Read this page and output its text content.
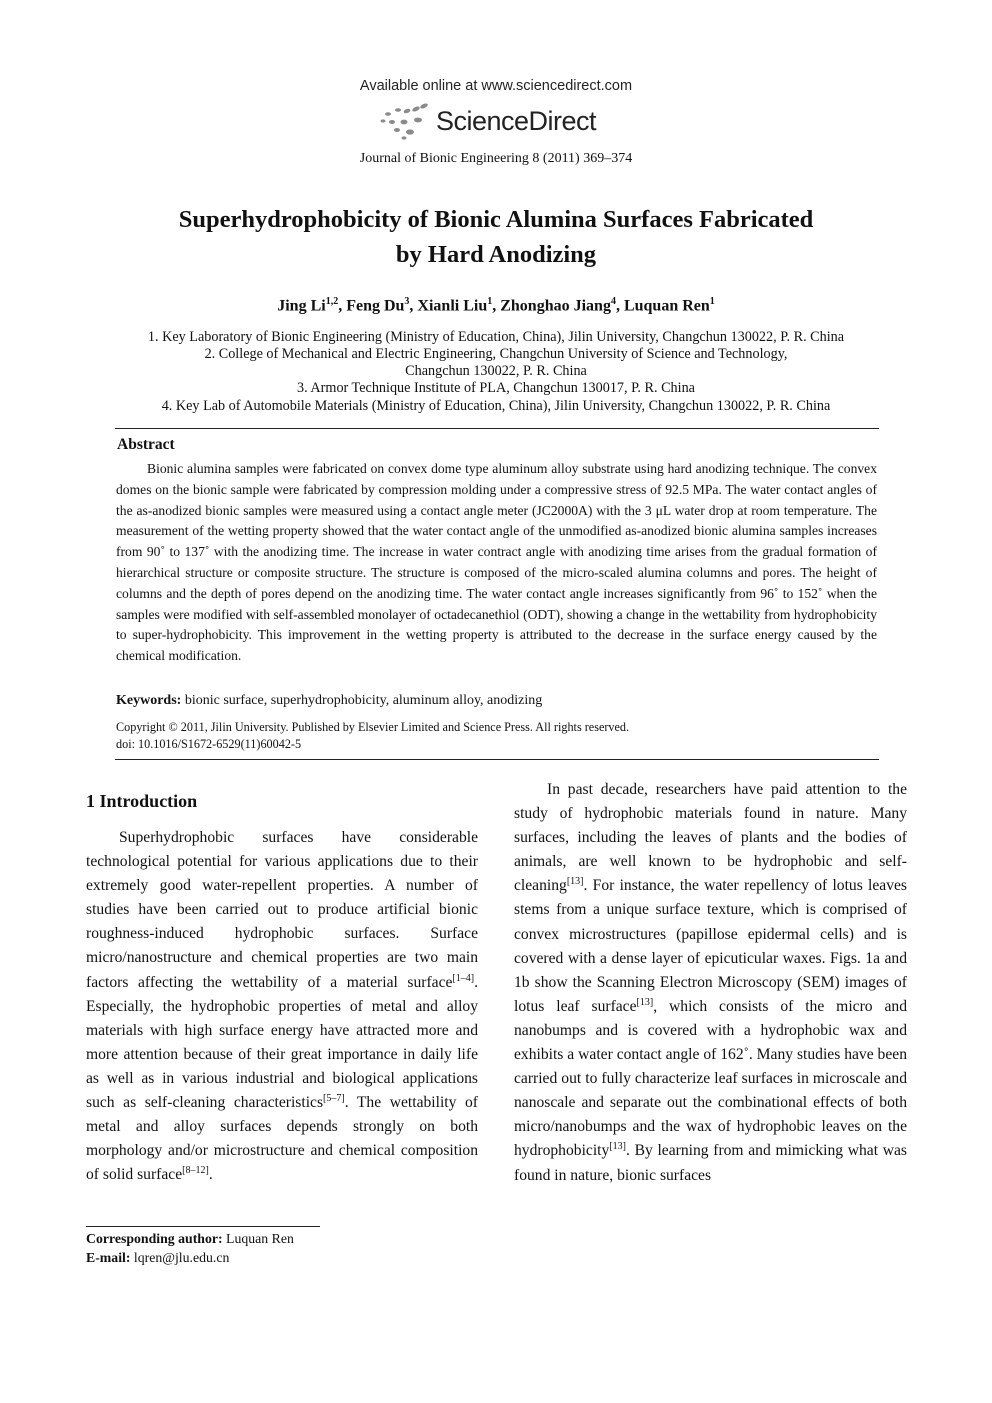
Available online at www.sciencedirect.com
ScienceDirect
Journal of Bionic Engineering 8 (2011) 369–374
Superhydrophobicity of Bionic Alumina Surfaces Fabricated
by Hard Anodizing
Jing Li$^{1,2}$, Feng Du$^3$, Xianli Liu$^1$, Zhonghao Jiang$^4$, Luquan Ren$^1$
1. Key Laboratory of Bionic Engineering (Ministry of Education, China), Jilin University, Changchun 130022, P. R. China
2. College of Mechanical and Electric Engineering, Changchun University of Science and Technology,
Changchun 130022, P. R. China
3. Armor Technique Institute of PLA, Changchun 130017, P. R. China
4. Key Lab of Automobile Materials (Ministry of Education, China), Jilin University, Changchun 130022, P. R. China
Abstract
Bionic alumina samples were fabricated on convex dome type aluminum alloy substrate using hard anodizing technique. The convex domes on the bionic sample were fabricated by compression molding under a compressive stress of 92.5 MPa. The water contact angles of the as-anodized bionic samples were measured using a contact angle meter (JC2000A) with the 3 μL water drop at room temperature. The measurement of the wetting property showed that the water contact angle of the unmodified as-anodized bionic alumina samples increases from 90˚ to 137˚ with the anodizing time. The increase in water contract angle with anodizing time arises from the gradual formation of hierarchical structure or composite structure. The structure is composed of the micro-scaled alumina columns and pores. The height of columns and the depth of pores depend on the anodizing time. The water contact angle increases significantly from 96˚ to 152˚ when the samples were modified with self-assembled monolayer of octadecanethiol (ODT), showing a change in the wettability from hydrophobicity to super-hydrophobicity. This improvement in the wetting property is attributed to the decrease in the surface energy caused by the chemical modification.
Keywords: bionic surface, superhydrophobicity, aluminum alloy, anodizing
Copyright © 2011, Jilin University. Published by Elsevier Limited and Science Press. All rights reserved.
doi: 10.1016/S1672-6529(11)60042-5
1 Introduction

Superhydrophobic surfaces have considerable technological potential for various applications due to their extremely good water-repellent properties. A number of studies have been carried out to produce artificial bionic roughness-induced hydrophobic surfaces. Surface micro/nanostructure and chemical properties are two main factors affecting the wettability of a material surface[1–4]. Especially, the hydrophobic properties of metal and alloy materials with high surface energy have attracted more and more attention because of their great importance in daily life as well as in various industrial and biological applications such as self-cleaning characteristics[5–7]. The wettability of metal and alloy surfaces depends strongly on both morphology and/or microstructure and chemical composition of solid surface[8–12].

In past decade, researchers have paid attention to the study of hydrophobic materials found in nature. Many surfaces, including the leaves of plants and the bodies of animals, are well known to be hydrophobic and self-cleaning[13]. For instance, the water repellency of lotus leaves stems from a unique surface texture, which is comprised of convex microstructures (papillose epidermal cells) and is covered with a dense layer of epicuticular waxes. Figs. 1a and 1b show the Scanning Electron Microscopy (SEM) images of lotus leaf surface[13], which consists of the micro and nanobumps and is covered with a hydrophobic wax and exhibits a water contact angle of 162˚. Many studies have been carried out to fully characterize leaf surfaces in microscale and nanoscale and separate out the combinational effects of both micro/nanobumps and the wax of hydrophobic leaves on the hydrophobicity[13]. By learning from and mimicking what was found in nature, bionic surfaces

Corresponding author: Luquan Ren
E-mail: lqren@jlu.edu.cn
